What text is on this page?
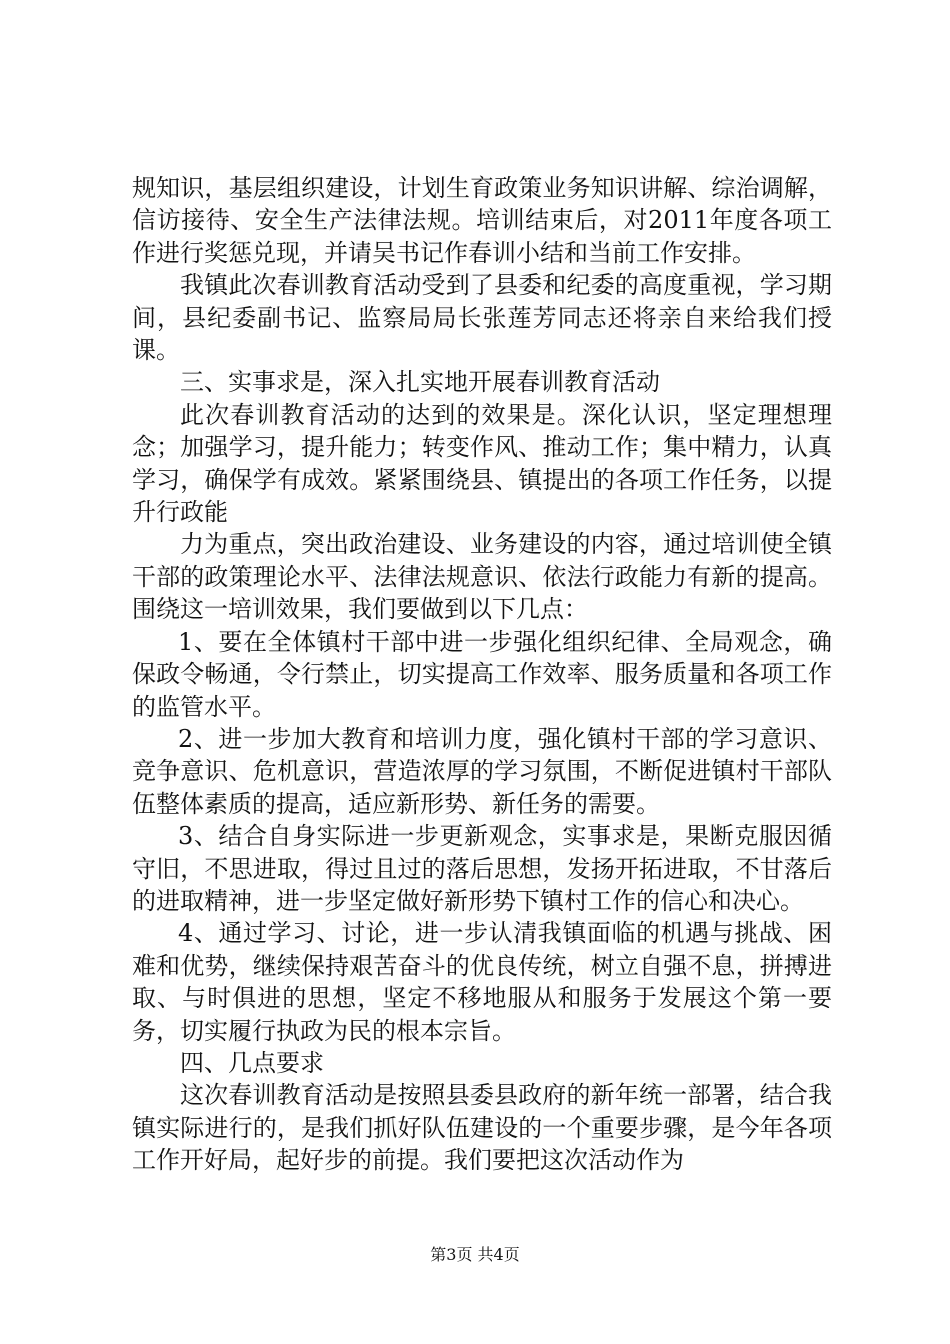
规知识，基层组织建设，计划生育政策业务知识讲解、综治调解，信访接待、安全生产法律法规。培训结束后，对2011年度各项工作进行奖惩兑现，并请吴书记作春训小结和当前工作安排。

我镇此次春训教育活动受到了县委和纪委的高度重视，学习期间，县纪委副书记、监察局局长张莲芳同志还将亲自来给我们授课。

三、实事求是，深入扎实地开展春训教育活动

此次春训教育活动的达到的效果是。深化认识，坚定理想理念；加强学习，提升能力；转变作风、推动工作；集中精力，认真学习，确保学有成效。紧紧围绕县、镇提出的各项工作任务，以提升行政能

力为重点，突出政治建设、业务建设的内容，通过培训使全镇干部的政策理论水平、法律法规意识、依法行政能力有新的提高。围绕这一培训效果，我们要做到以下几点：

1、要在全体镇村干部中进一步强化组织纪律、全局观念，确保政令畅通，令行禁止，切实提高工作效率、服务质量和各项工作的监管水平。

2、进一步加大教育和培训力度，强化镇村干部的学习意识、竞争意识、危机意识，营造浓厚的学习氛围，不断促进镇村干部队伍整体素质的提高，适应新形势、新任务的需要。

3、结合自身实际进一步更新观念，实事求是，果断克服因循守旧，不思进取，得过且过的落后思想，发扬开拓进取，不甘落后的进取精神，进一步坚定做好新形势下镇村工作的信心和决心。

4、通过学习、讨论，进一步认清我镇面临的机遇与挑战、困难和优势，继续保持艰苦奋斗的优良传统，树立自强不息，拼搏进取、与时俱进的思想，坚定不移地服从和服务于发展这个第一要务，切实履行执政为民的根本宗旨。

四、几点要求

这次春训教育活动是按照县委县政府的新年统一部署，结合我镇实际进行的，是我们抓好队伍建设的一个重要步骤，是今年各项工作开好局，起好步的前提。我们要把这次活动作为

第3页 共4页
